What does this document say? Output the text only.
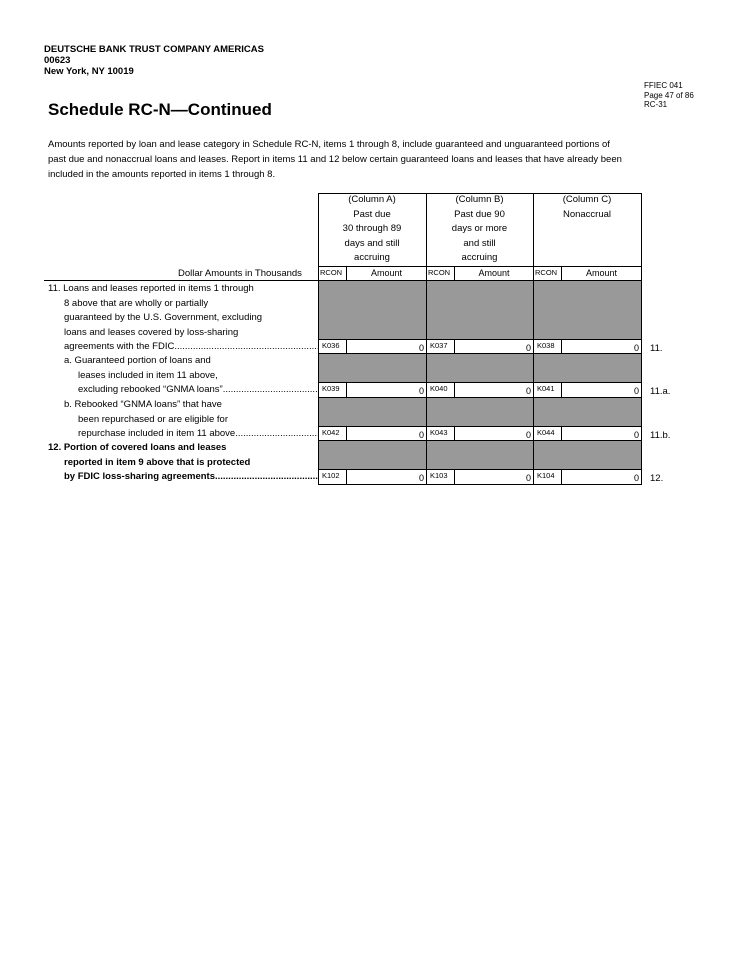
DEUTSCHE BANK TRUST COMPANY AMERICAS
00623
New York, NY 10019
FFIEC 041
Page 47 of 86
RC-31
Schedule RC-N—Continued
Amounts reported by loan and lease category in Schedule RC-N, items 1 through 8, include guaranteed and unguaranteed portions of past due and nonaccrual loans and leases. Report in items 11 and 12 below certain guaranteed loans and leases that have already been included in the amounts reported in items 1 through 8.
(Column A)
Past due
30 through 89
days and still
accruing
(Column B)
Past due 90
days or more
and still
accruing
(Column C)
Nonaccrual
Dollar Amounts in Thousands RCON	Amount	RCON	Amount	RCON	Amount
11. Loans and leases reported in items 1 through
8 above that are wholly or partially
guaranteed by the U.S. Government, excluding
loans and leases covered by loss-sharing
agreements with the FDIC .....	K036	0 K037	0 K038	0 11.
a. Guaranteed portion of loans and
leases included in item 11 above,
excluding rebooked “GNMA loans” .....	K039	0 K040	0 K041	0 11.a.
b. Rebooked “GNMA loans” that have
been repurchased or are eligible for
repurchase included in item 11 above .....	K042	0 K043	0 K044	0 11.b.
12. Portion of covered loans and leases
reported in item 9 above that is protected
by FDIC loss-sharing agreements .....	K102	0 K103	0 K104	0 12.
